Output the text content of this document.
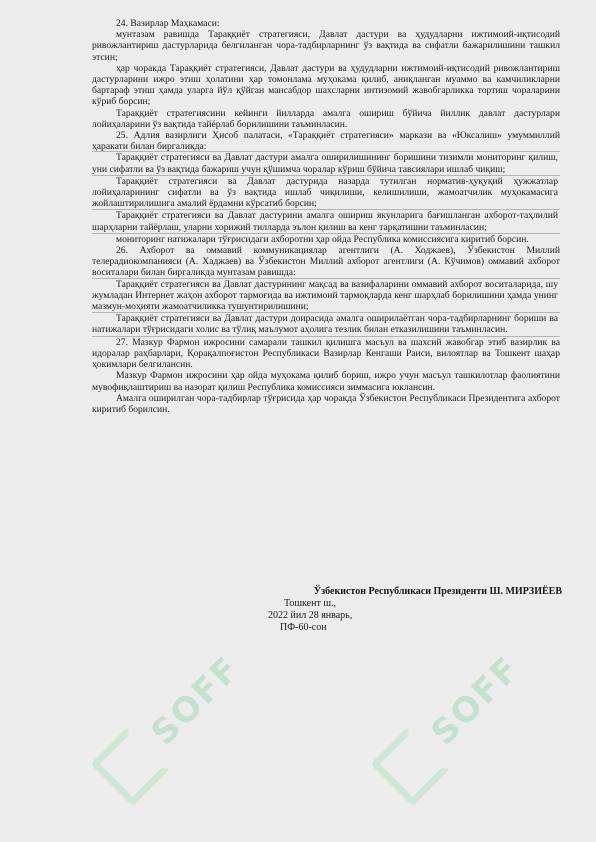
24. Вазирлар Маҳкамаси:

мунтазам равишда Тараққиёт стратегияси, Давлат дастури ва ҳудудларни ижтимоий-иқтисодий ривожлантириш дастурларида белгиланган чора-тадбирларнинг ўз вақтида ва сифатли бажарилишини ташкил этсин;

ҳар чоракда Тараққиёт стратегияси, Давлат дастури ва ҳудудларни ижтимоий-иқтисодий ривожлантириш дастурларини ижро этиш ҳолатини ҳар томонлама муҳокама қилиб, аниқланган муаммо ва камчиликларни бартараф этиш ҳамда уларга йўл қўйган мансабдор шахсларни интизомий жавобгарликка тортиш чораларини кўриб борсин;

Тараққиёт стратегиясини кейинги йилларда амалга ошириш бўйича йиллик давлат дастурлари лойиҳаларини ўз вақтида тайёрлаб борилишини таъминласин.

25. Адлия вазирлиги Ҳисоб палатаси, «Тараққиёт стратегияси» маркази ва «Юксалиш» умуммиллий ҳаракати билан биргаликда:

Тараққиёт стратегияси ва Давлат дастури амалга оширилишининг боришини тизимли мониторинг қилиш, уни сифатли ва ўз вақтида бажариш учун қўшимча чоралар кўриш бўйича тавсиялари ишлаб чиқиш;

Тараққиёт стратегияси ва Давлат дастурида назарда тутилган норматив-ҳуқуқий ҳужжатлар лойиҳаларининг сифатли ва ўз вақтида ишлаб чиқилиши, келишилиши, жамоатчилик муҳокамасига жойлаштирилишига амалий ёрдамни кўрсатиб борсин;

Тараққиёт стратегияси ва Давлат дастурини амалга ошириш якунларига бағишланган ахборот-таҳлилий шарҳларни тайёрлаш, уларни хорижий тилларда эълон қилиш ва кенг тарқатишни таъминласин;

мониторинг натижалари тўғрисидаги ахборотни ҳар ойда Республика комиссиясига киритиб борсин.

26. Ахборот ва оммавий коммуникациялар агентлиги (А. Ходжаев), Ўзбекистон Миллий телерадиокомпанияси (А. Хаджаев) ва Ўзбекистон Миллий ахборот агентлиги (А. Кўчимов) оммавий ахборот воситалари билан биргаликда мунтазам равишда:

Тараққиёт стратегияси ва Давлат дастурининг мақсад ва вазифаларини оммавий ахборот воситаларида, шу жумладан Интернет жаҳон ахборот тармоғида ва ижтимоий тармоқларда кенг шарҳлаб борилишини ҳамда унинг мазмун-моҳияти жамоатчиликка тушунтирилишини;

Тараққиёт стратегияси ва Давлат дастури доирасида амалга оширилаётган чора-тадбирларнинг бориши ва натижалари тўғрисидаги холис ва тўлиқ маълумот аҳолига тезлик билан етказилишини таъминласин.

27. Мазкур Фармон ижросини самарали ташкил қилишга масъул ва шахсий жавобгар этиб вазирлик ва идоралар раҳбарлари, Қорақалпоғистон Республикаси Вазирлар Кенгаши Раиси, вилоятлар ва Тошкент шаҳар ҳокимлари белгилансин.

Мазкур Фармон ижросини ҳар ойда муҳокама қилиб бориш, ижро учун масъул ташкилотлар фаолиятини мувофиқлаштириш ва назорат қилиш Республика комиссияси зиммасига юклансин.

Амалга оширилган чора-тадбирлар тўғрисида ҳар чоракда Ўзбекистон Республикаси Президентига ахборот киритиб борилсин.

Ўзбекистон Республикаси Президенти Ш. МИРЗИЁЕВ
Тошкент ш.,
2022 йил 28 январь,
ПФ-60-сон
SOFF	SOFF
